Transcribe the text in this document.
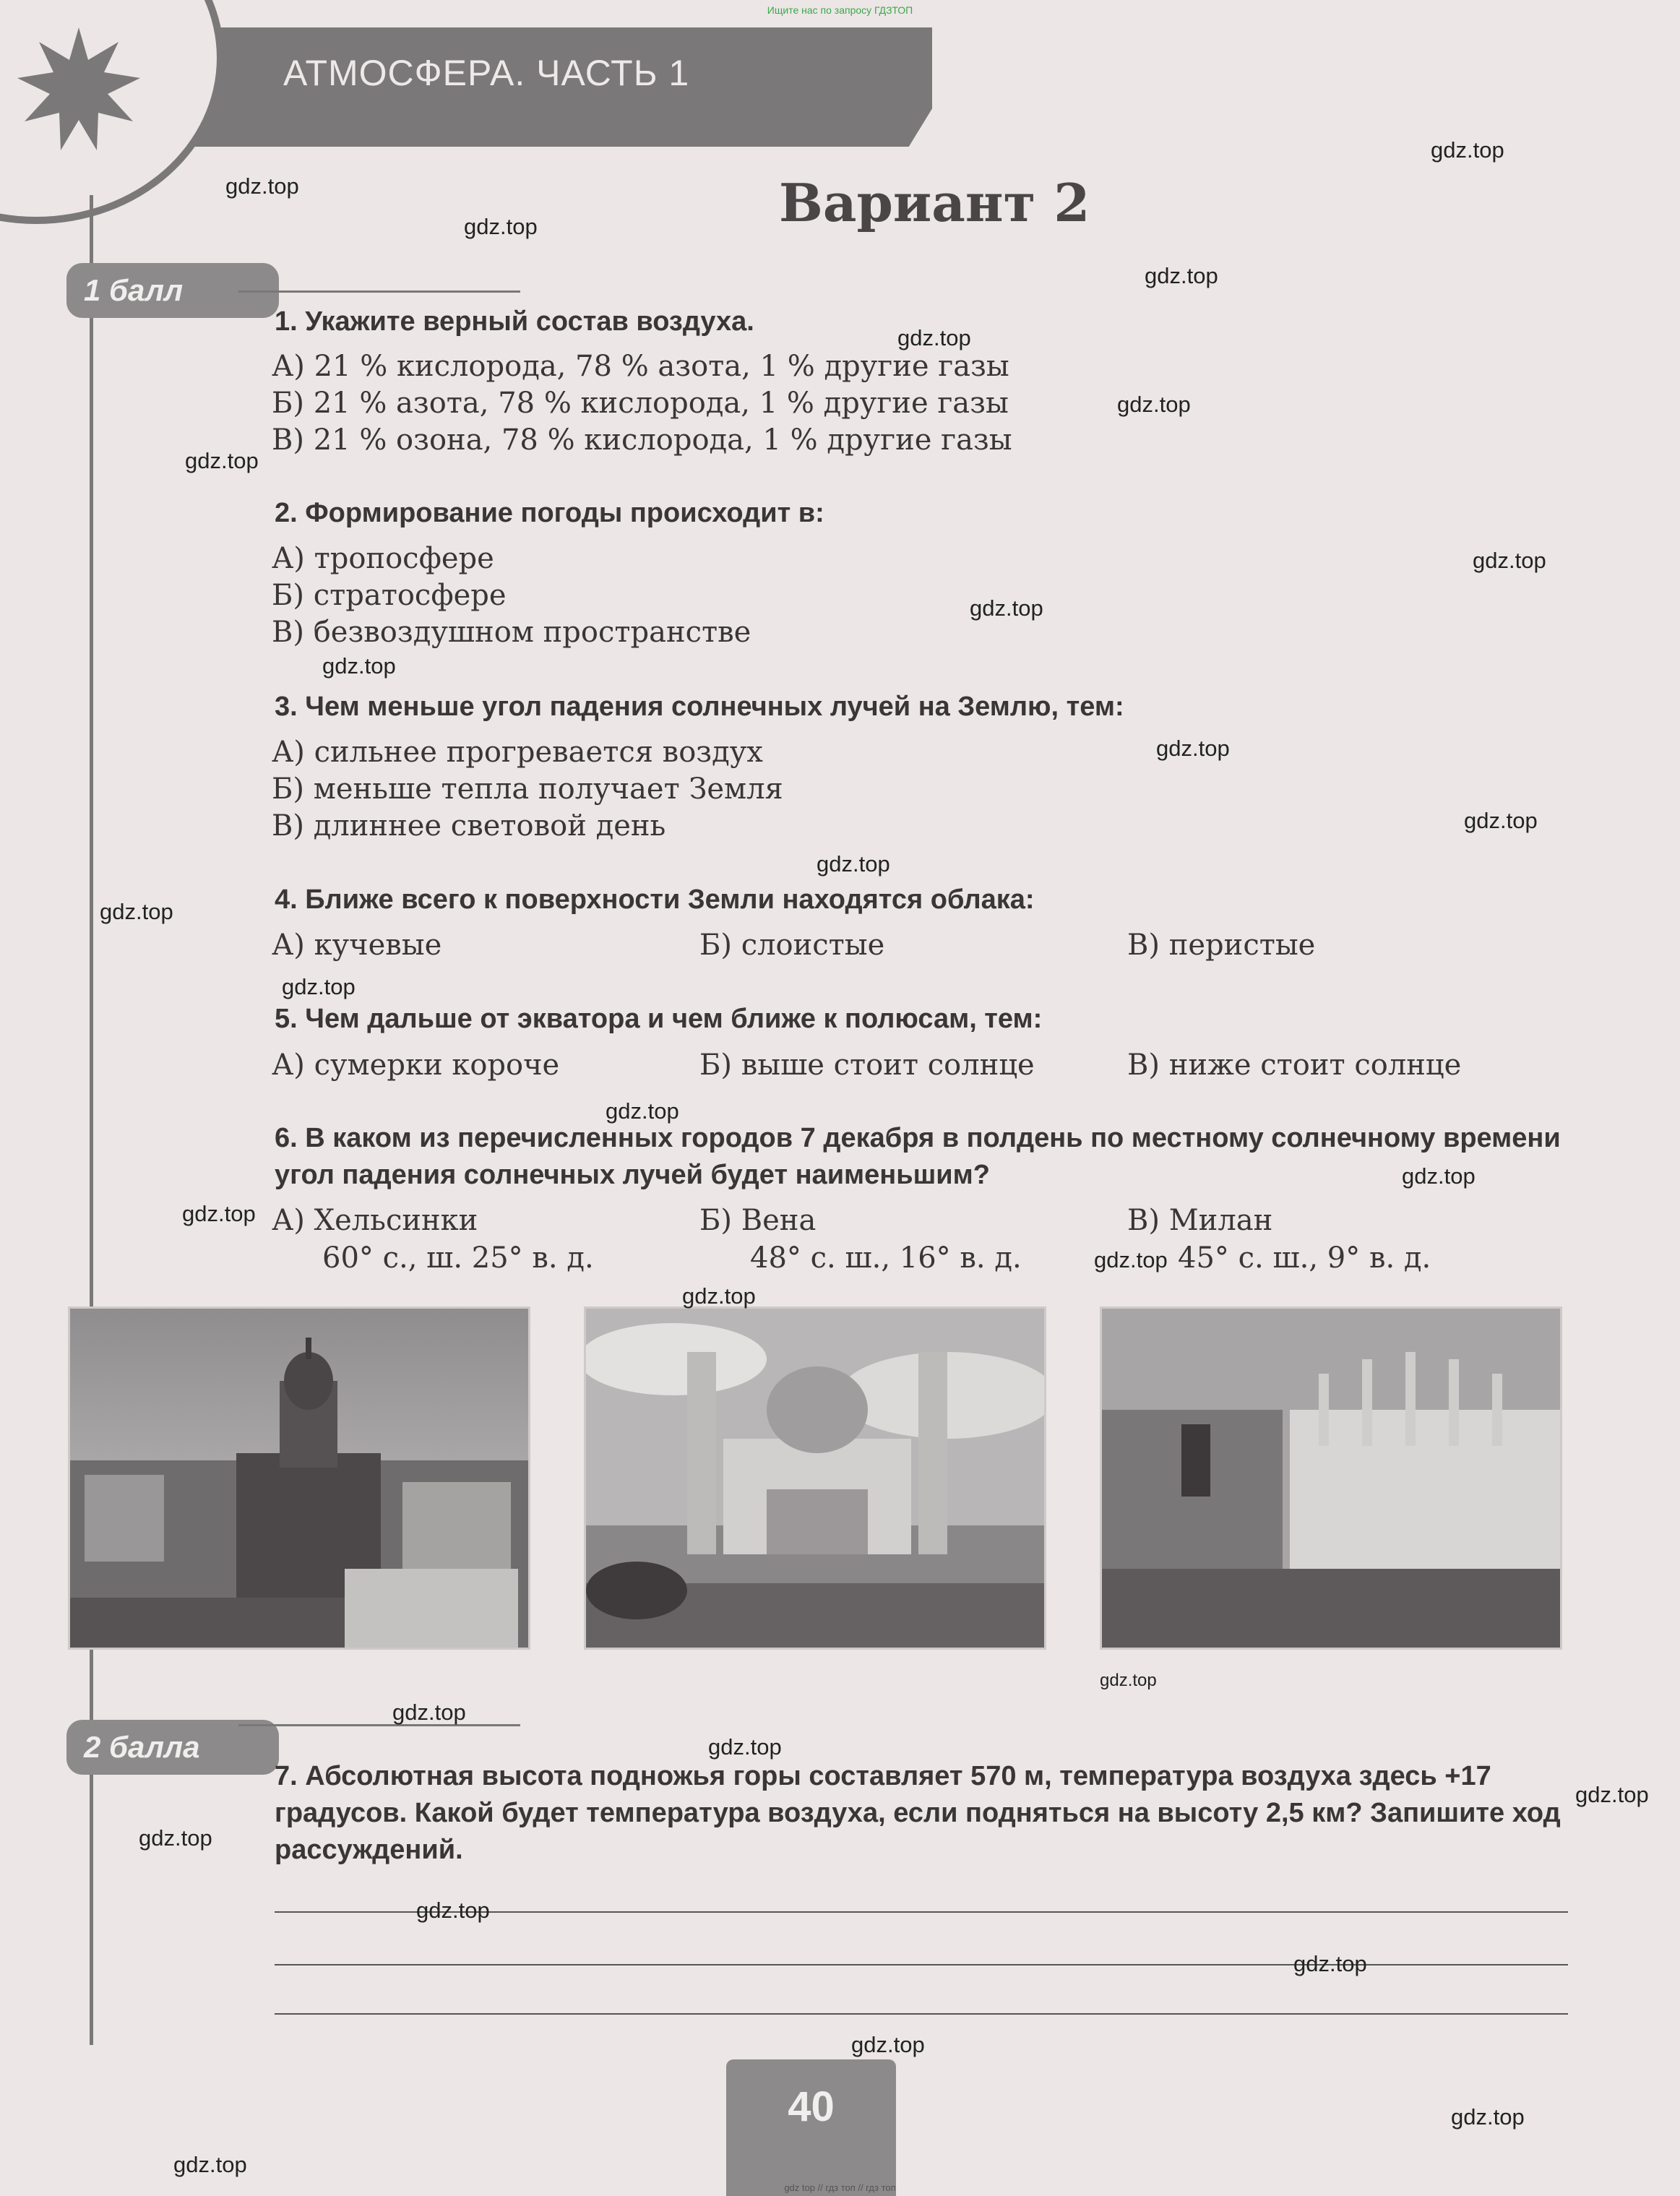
Ищите нас по запросу ГДЗТОП
АТМОСФЕРА. ЧАСТЬ 1
Вариант 2
1 балл
1. Укажите верный состав воздуха.
А) 21 % кислорода, 78 % азота, 1 % другие газы
Б) 21 % азота, 78 % кислорода, 1 % другие газы
В) 21 % озона, 78 % кислорода, 1 % другие газы
2. Формирование погоды происходит в:
А) тропосфере
Б) стратосфере
В) безвоздушном пространстве
3. Чем меньше угол падения солнечных лучей на Землю, тем:
А) сильнее прогревается воздух
Б) меньше тепла получает Земля
В) длиннее световой день
4. Ближе всего к поверхности Земли находятся облака:
А) кучевые	Б) слоистые	В) перистые
5. Чем дальше от экватора и чем ближе к полюсам, тем:
А) сумерки короче	Б) выше стоит солнце	В) ниже стоит солнце
6. В каком из перечисленных городов 7 декабря в полдень по местному солнечному времени угол падения солнечных лучей будет наименьшим?
А) Хельсинки	Б) Вена	В) Милан
60° с., ш. 25° в. д.	48° с. ш., 16° в. д.	45° с. ш., 9° в. д.
2 балла
7. Абсолютная высота подножья горы составляет 570 м, температура воздуха здесь +17 градусов. Какой будет температура воздуха, если подняться на высоту 2,5 км? Запишите ход рассуждений.
40
gdz.top
gdz.top
gdz.top
gdz.top
gdz.top
gdz.top
gdz.top
gdz.top
gdz.top
gdz.top
gdz.top
gdz.top
gdz.top
gdz.top
gdz.top
gdz.top
gdz.top
gdz.top
gdz.top
gdz.top
gdz.top
gdz.top
gdz.top
gdz.top
gdz.top
gdz.top
gdz.top
gdz.top
gdz.top
gdz.top
gdz top // гдз топ // гдз топ
